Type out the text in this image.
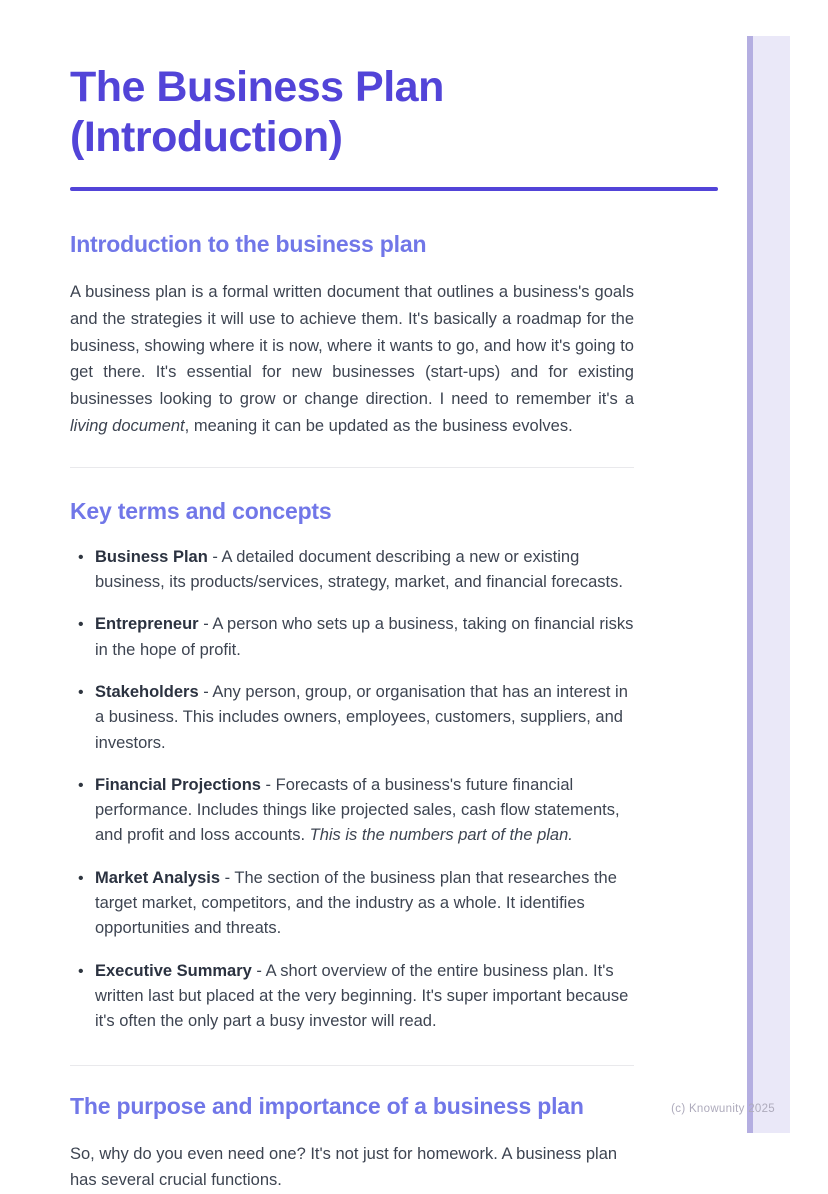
The Business Plan
(Introduction)
Introduction to the business plan

A business plan is a formal written document that outlines a business's goals and the strategies it will use to achieve them. It's basically a roadmap for the business, showing where it is now, where it wants to go, and how it's going to get there. It's essential for new businesses (start-ups) and for existing businesses looking to grow or change direction. I need to remember it's a living document, meaning it can be updated as the business evolves.

Key terms and concepts
• Business Plan - A detailed document describing a new or existing business, its products/services, strategy, market, and financial forecasts.
• Entrepreneur - A person who sets up a business, taking on financial risks in the hope of profit.
• Stakeholders - Any person, group, or organisation that has an interest in a business. This includes owners, employees, customers, suppliers, and investors.
• Financial Projections - Forecasts of a business's future financial performance. Includes things like projected sales, cash flow statements, and profit and loss accounts. This is the numbers part of the plan.
• Market Analysis - The section of the business plan that researches the target market, competitors, and the industry as a whole. It identifies opportunities and threats.
• Executive Summary - A short overview of the entire business plan. It's written last but placed at the very beginning. It's super important because it's often the only part a busy investor will read.
The purpose and importance of a business plan

So, why do you even need one? It's not just for homework. A business plan has several crucial functions.

(c) Knowunity 2025
